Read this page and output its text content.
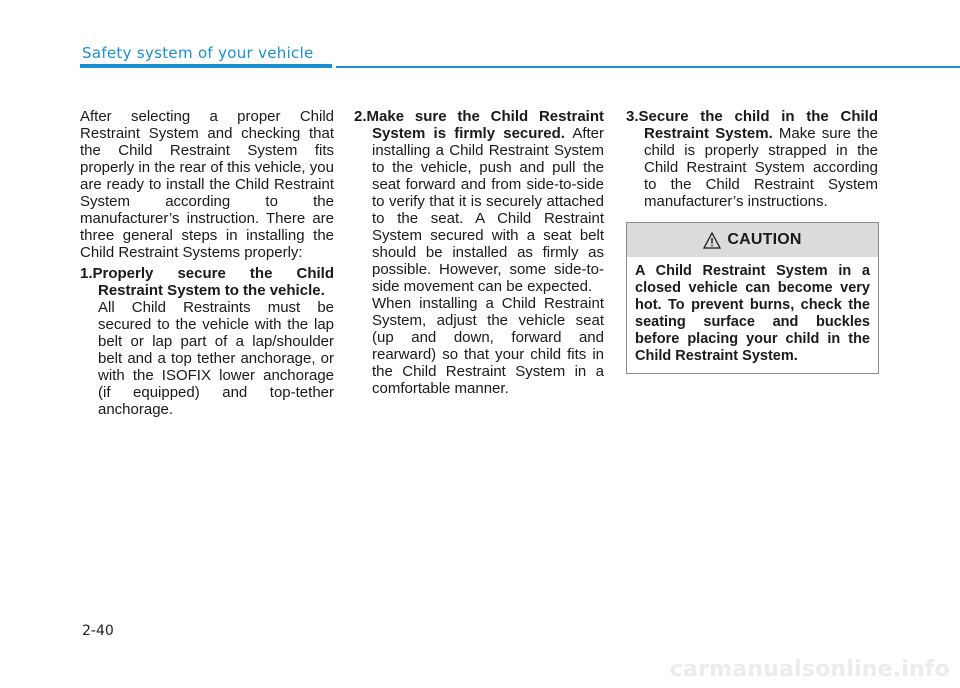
Safety system of your vehicle

After selecting a proper Child Restraint System and checking that the Child Restraint System fits properly in the rear of this vehicle, you are ready to install the Child Restraint System according to the manufacturer’s instruction. There are three general steps in installing the Child Restraint Systems properly:

1.Properly secure the Child Restraint System to the vehicle.
All Child Restraints must be secured to the vehicle with the lap belt or lap part of a lap/shoulder belt and a top tether anchorage, or with the ISOFIX lower anchorage (if equipped) and top-tether anchorage.

2.Make sure the Child Restraint System is firmly secured. After installing a Child Restraint System to the vehicle, push and pull the seat forward and from side-to-side to verify that it is securely attached to the seat. A Child Restraint System secured with a seat belt should be installed as firmly as possible. However, some side-to-side movement can be expected.
When installing a Child Restraint System, adjust the vehicle seat (up and down, forward and rearward) so that your child fits in the Child Restraint System in a comfortable manner.

3.Secure the child in the Child Restraint System. Make sure the child is properly strapped in the Child Restraint System according to the Child Restraint System manufacturer’s instructions.

CAUTION

A Child Restraint System in a closed vehicle can become very hot. To prevent burns, check the seating surface and buckles before placing your child in the Child Restraint System.

2-40
carmanualsonline.info
